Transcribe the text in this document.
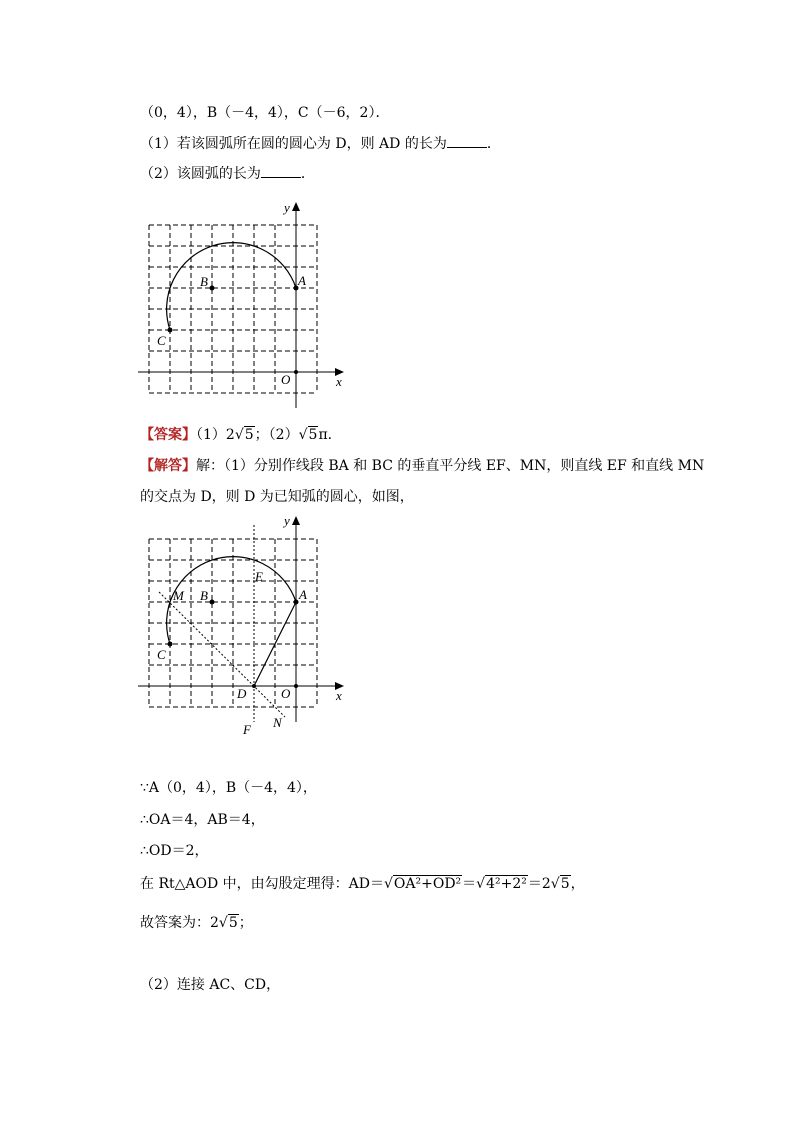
（0，4），B（－4，4），C（－6，2）．
（1）若该圆弧所在圆的圆心为 D，则 AD 的长为	．
（2）该圆弧的长为	．
y
x
A
B
C
O
【答案】（1）2√5；（2）√5π．
【解答】解：（1）分别作线段 BA 和 BC 的垂直平分线 EF、MN，则直线 EF 和直线 MN
的交点为 D，则 D 为已知弧的圆心，如图，
y
x
A
B
C
O
D
E
F
M
N
∵A（0，4），B（－4，4），
∴OA＝4，AB＝4，
∴OD＝2，
在 Rt△AOD 中，由勾股定理得：AD＝√OA²+OD²＝√4²+2²＝2√5，
故答案为：2√5；
（2）连接 AC、CD，
